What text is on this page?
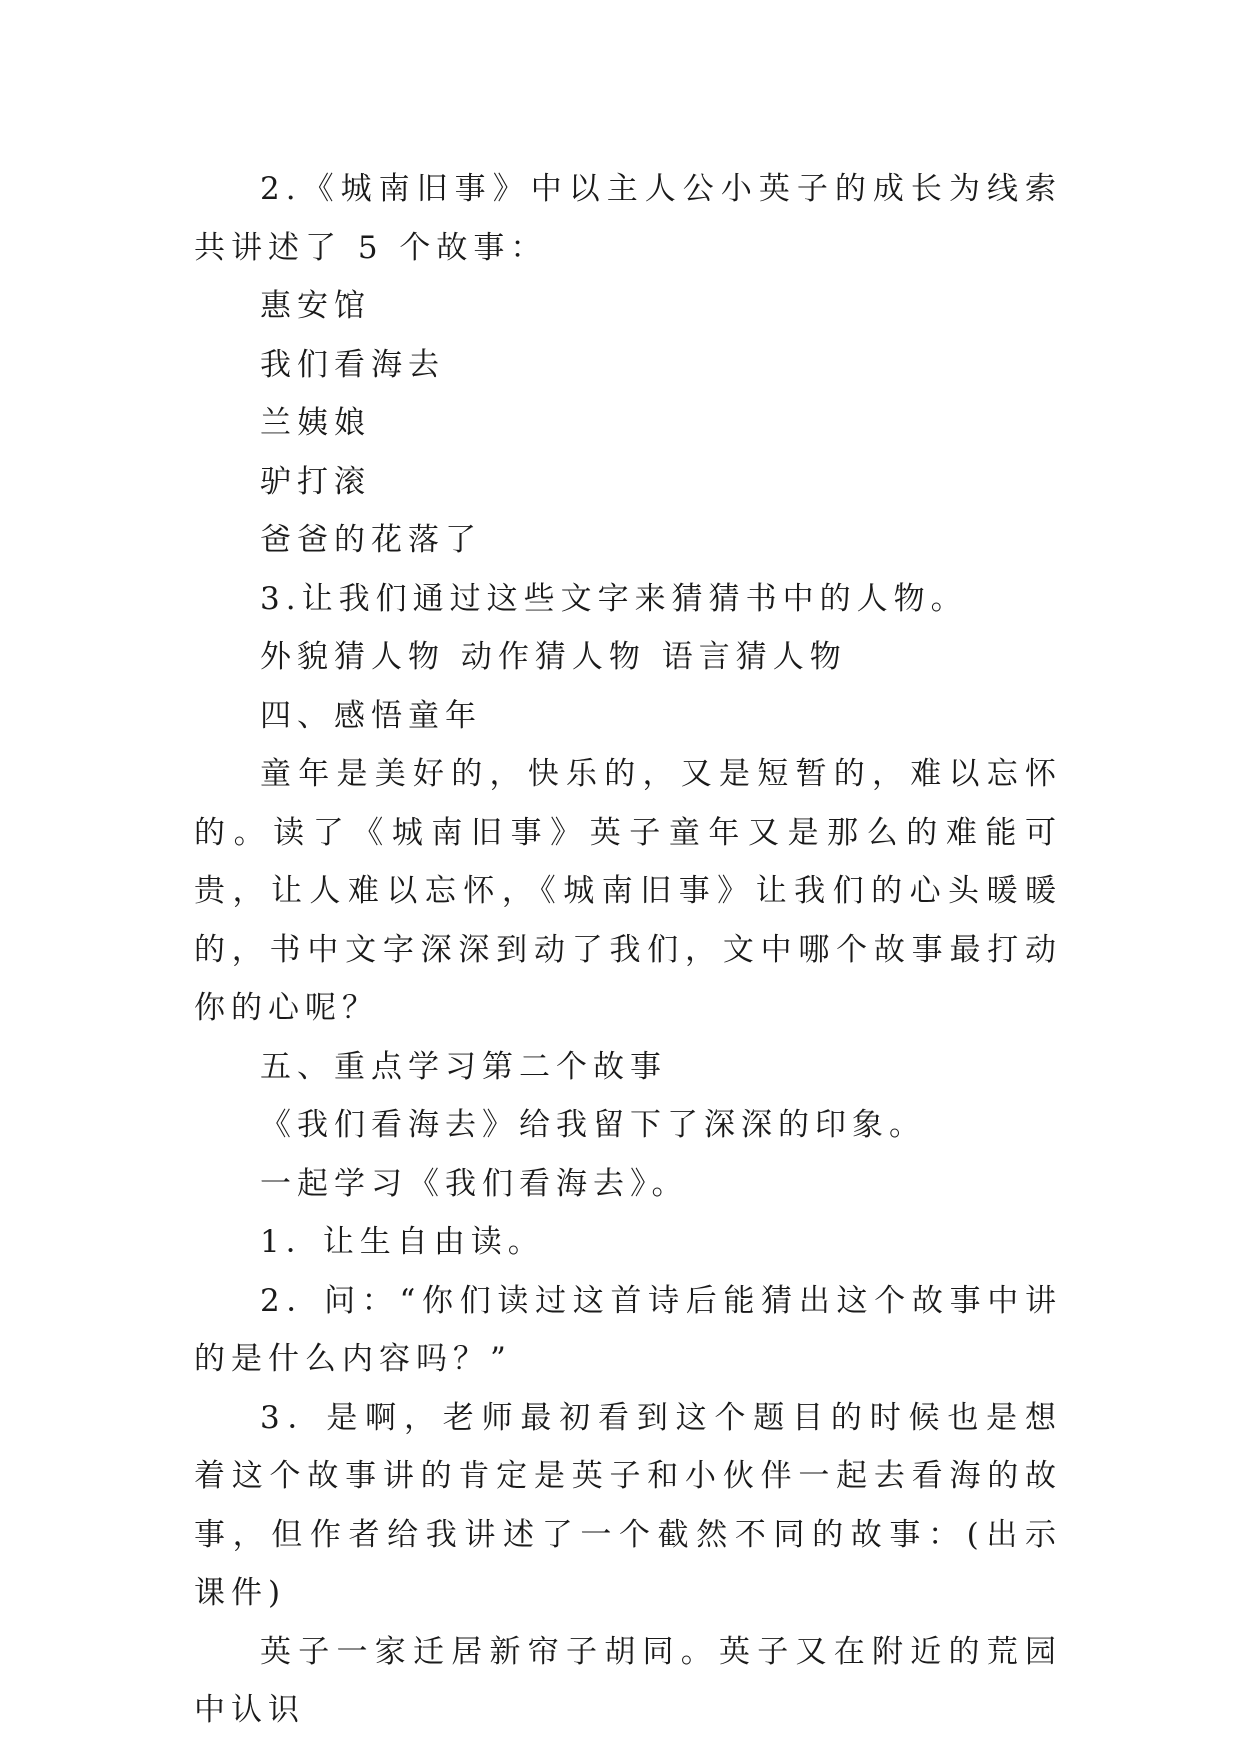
2.《城南旧事》中以主人公小英子的成长为线索共讲述了 5 个故事：

惠安馆

我们看海去

兰姨娘

驴打滚

爸爸的花落了

3.让我们通过这些文字来猜猜书中的人物。

外貌猜人物 动作猜人物 语言猜人物

四、感悟童年

童年是美好的，快乐的，又是短暂的，难以忘怀的。读了《城南旧事》英子童年又是那么的难能可贵，让人难以忘怀，《城南旧事》让我们的心头暖暖的，书中文字深深到动了我们，文中哪个故事最打动你的心呢？

五、重点学习第二个故事

《我们看海去》给我留下了深深的印象。

一起学习《我们看海去》。

1．让生自由读。

2．问：“你们读过这首诗后能猜出这个故事中讲的是什么内容吗？”

3．是啊，老师最初看到这个题目的时候也是想着这个故事讲的肯定是英子和小伙伴一起去看海的故事，但作者给我讲述了一个截然不同的故事：(出示课件)

英子一家迁居新帘子胡同。英子又在附近的荒园中认识
